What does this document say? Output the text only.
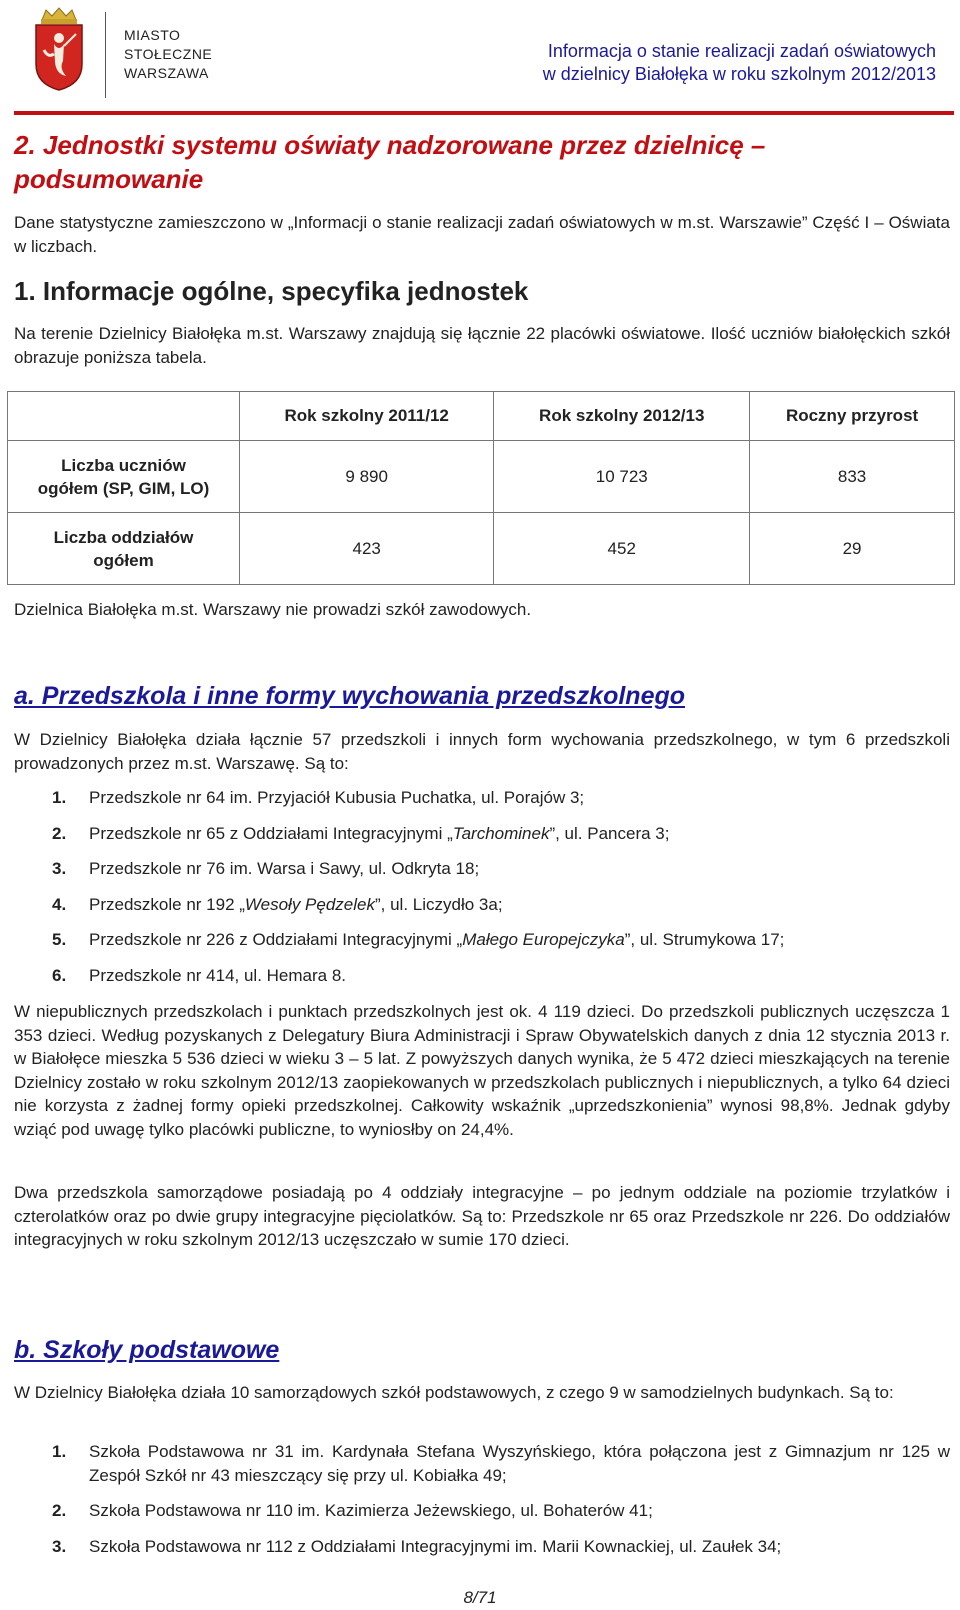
MIASTO
STOŁECZNE
WARSZAWA
Informacja o stanie realizacji zadań oświatowych
w dzielnicy Białołęka w roku szkolnym 2012/2013
2. Jednostki systemu oświaty nadzorowane przez dzielnicę – podsumowanie
Dane statystyczne zamieszczono w „Informacji o stanie realizacji zadań oświatowych w m.st. Warszawie” Część I – Oświata w liczbach.
1. Informacje ogólne, specyfika jednostek
Na terenie Dzielnicy Białołęka m.st. Warszawy znajdują się łącznie 22 placówki oświatowe. Ilość uczniów białołęckich szkół obrazuje poniższa tabela.
	Rok szkolny 2011/12	Rok szkolny 2012/13	Roczny przyrost
Liczba uczniów
ogółem (SP, GIM, LO)	9 890	10 723	833
Liczba oddziałów
ogółem	423	452	29
Dzielnica Białołęka m.st. Warszawy nie prowadzi szkół zawodowych.
a. Przedszkola i inne formy wychowania przedszkolnego
W Dzielnicy Białołęka działa łącznie 57 przedszkoli i innych form wychowania przedszkolnego, w tym 6 przedszkoli prowadzonych przez m.st. Warszawę. Są to:
1. Przedszkole nr 64 im. Przyjaciół Kubusia Puchatka, ul. Porajów 3;
2. Przedszkole nr 65 z Oddziałami Integracyjnymi „Tarchominek”, ul. Pancera 3;
3. Przedszkole nr 76 im. Warsa i Sawy, ul. Odkryta 18;
4. Przedszkole nr 192 „Wesoły Pędzelek”, ul. Liczydło 3a;
5. Przedszkole nr 226 z Oddziałami Integracyjnymi „Małego Europejczyka”, ul. Strumykowa 17;
6. Przedszkole nr 414, ul. Hemara 8.
W niepublicznych przedszkolach i punktach przedszkolnych jest ok. 4 119 dzieci. Do przedszkoli publicznych uczęszcza 1 353 dzieci. Według pozyskanych z Delegatury Biura Administracji i Spraw Obywatelskich danych z dnia 12 stycznia 2013 r. w Białołęce mieszka 5 536 dzieci w wieku 3 – 5 lat. Z powyższych danych wynika, że 5 472 dzieci mieszkających na terenie Dzielnicy zostało w roku szkolnym 2012/13 zaopiekowanych w przedszkolach publicznych i niepublicznych, a tylko 64 dzieci nie korzysta z żadnej formy opieki przedszkolnej. Całkowity wskaźnik „uprzedszkonienia” wynosi 98,8%. Jednak gdyby wziąć pod uwagę tylko placówki publiczne, to wyniosłby on 24,4%.
Dwa przedszkola samorządowe posiadają po 4 oddziały integracyjne – po jednym oddziale na poziomie trzylatków i czterolatków oraz po dwie grupy integracyjne pięciolatków. Są to: Przedszkole nr 65 oraz Przedszkole nr 226. Do oddziałów integracyjnych w roku szkolnym 2012/13 uczęszczało w sumie 170 dzieci.
b. Szkoły podstawowe
W Dzielnicy Białołęka działa 10 samorządowych szkół podstawowych, z czego 9 w samodzielnych budynkach. Są to:
1. Szkoła Podstawowa nr 31 im. Kardynała Stefana Wyszyńskiego, która połączona jest z Gimnazjum nr 125 w Zespół Szkół nr 43 mieszczący się przy ul. Kobiałka 49;
2. Szkoła Podstawowa nr 110 im. Kazimierza Jeżewskiego, ul. Bohaterów 41;
3. Szkoła Podstawowa nr 112 z Oddziałami Integracyjnymi im. Marii Kownackiej, ul. Zaułek 34;
8/71
